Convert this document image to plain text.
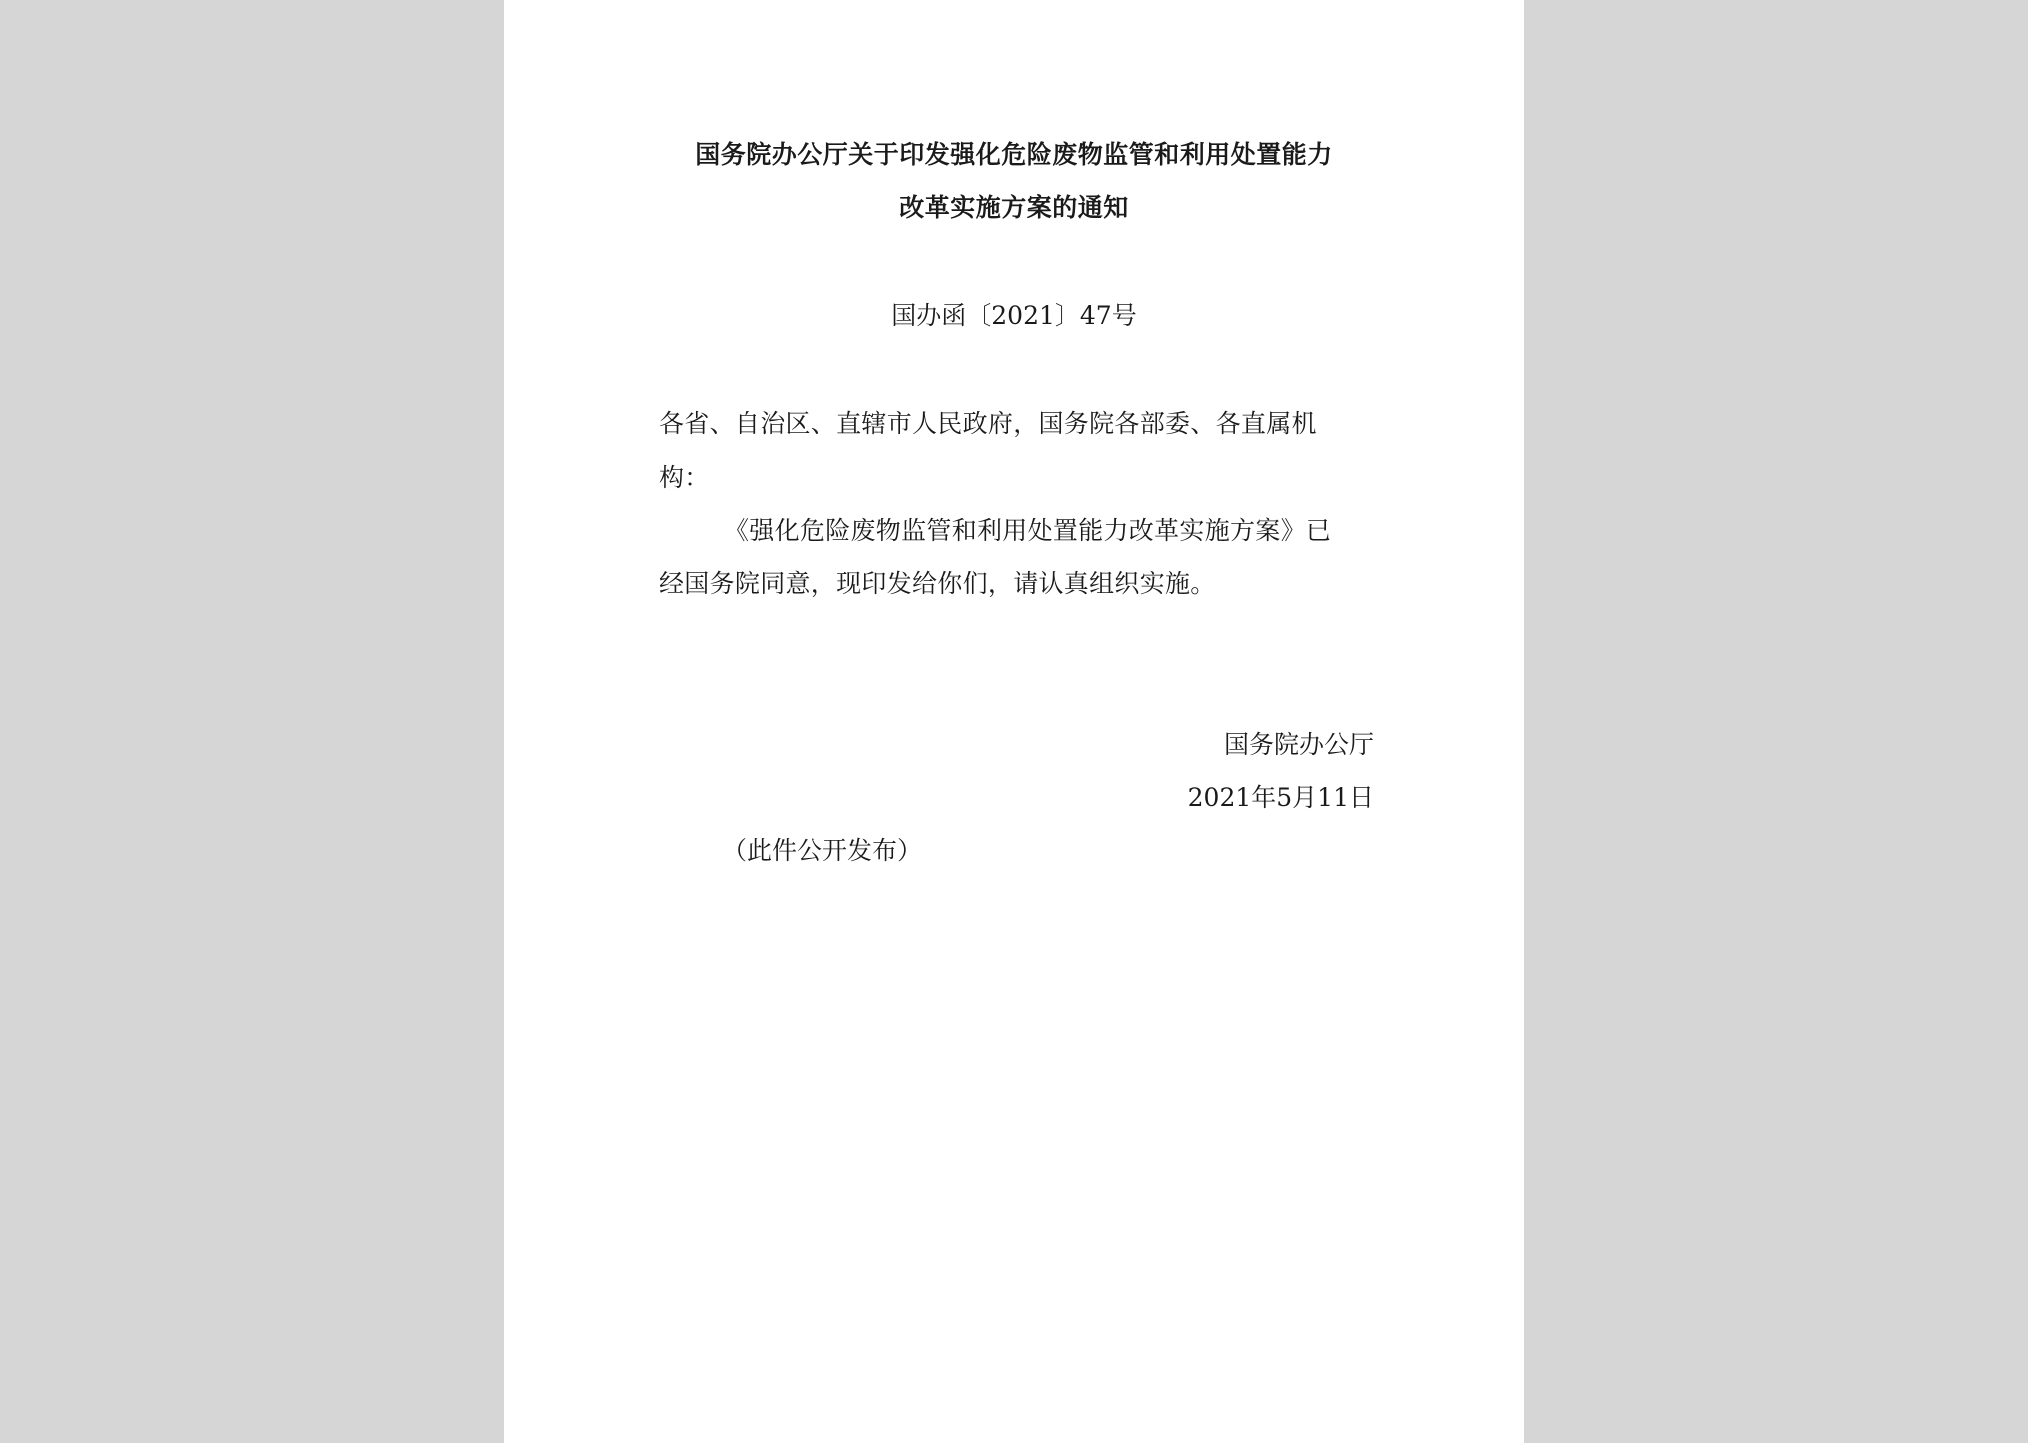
国务院办公厅关于印发强化危险废物监管和利用处置能力
改革实施方案的通知
国办函〔2021〕47号
各省、自治区、直辖市人民政府，国务院各部委、各直属机
构：
《强化危险废物监管和利用处置能力改革实施方案》已
经国务院同意，现印发给你们，请认真组织实施。
国务院办公厅
2021年5月11日
（此件公开发布）
